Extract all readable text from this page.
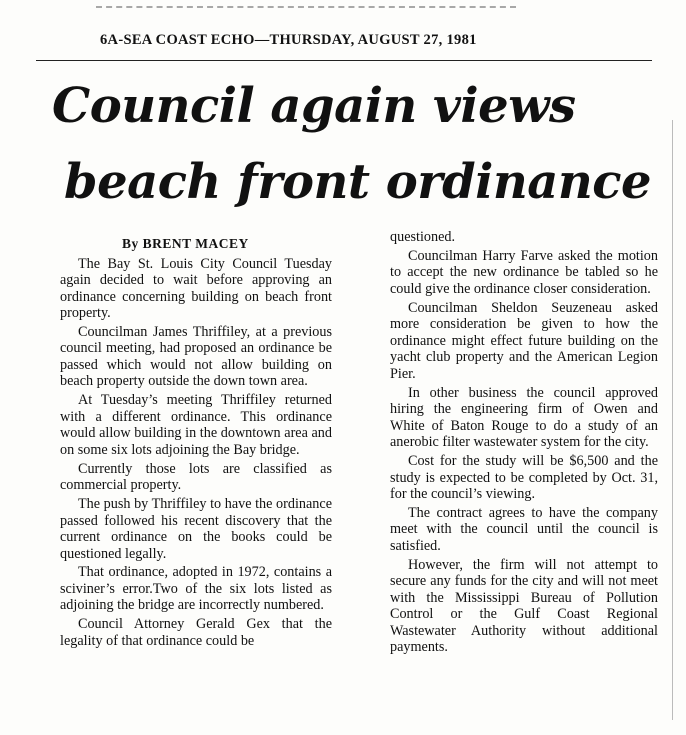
6A-SEA COAST ECHO—THURSDAY, AUGUST 27, 1981
Council again views
beach front ordinance

By BRENT MACEY

The Bay St. Louis City Council Tuesday again decided to wait before approving an ordinance concerning building on beach front property.

Councilman James Thriffiley, at a previous council meeting, had proposed an ordinance be passed which would not allow building on beach property outside the down town area.

At Tuesday’s meeting Thriffiley returned with a different ordinance. This ordinance would allow building in the downtown area and on some six lots adjoining the Bay bridge.

Currently those lots are classified as commercial property.

The push by Thriffiley to have the ordinance passed followed his recent discovery that the current ordinance on the books could be questioned legally.

That ordinance, adopted in 1972, contains a sciviner’s error.Two of the six lots listed as adjoining the bridge are incorrectly numbered.

Council Attorney Gerald Gex that the legality of that ordinance could be

questioned.

Councilman Harry Farve asked the motion to accept the new ordinance be tabled so he could give the ordinance closer consideration.

Councilman Sheldon Seuzeneau asked more consideration be given to how the ordinance might effect future building on the yacht club property and the American Legion Pier.

In other business the council approved hiring the engineering firm of Owen and White of Baton Rouge to do a study of an anerobic filter wastewater system for the city.

Cost for the study will be $6,500 and the study is expected to be completed by Oct. 31, for the council’s viewing.

The contract agrees to have the company meet with the council until the council is satisfied.

However, the firm will not attempt to secure any funds for the city and will not meet with the Mississippi Bureau of Pollution Control or the Gulf Coast Regional Wastewater Authority without additional payments.
